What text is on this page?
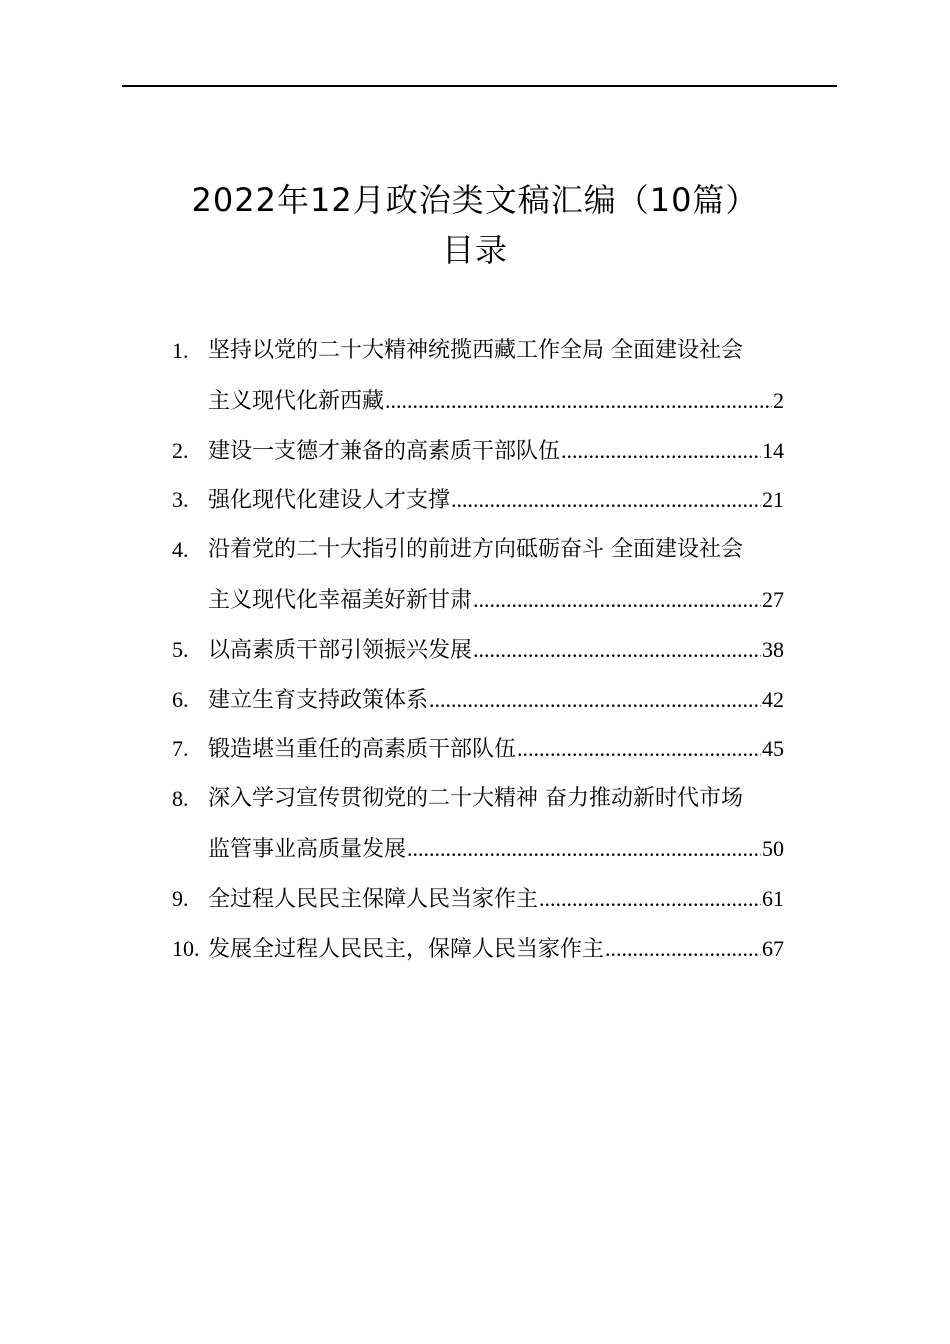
2022年12月政治类文稿汇编（10篇）
目录
1. 坚持以党的二十大精神统揽西藏工作全局 全面建设社会
主义现代化新西藏 .....	2
2. 建设一支德才兼备的高素质干部队伍 .....	14
3. 强化现代化建设人才支撑 .....	21
4. 沿着党的二十大指引的前进方向砥砺奋斗 全面建设社会
主义现代化幸福美好新甘肃 .....	27
5. 以高素质干部引领振兴发展 .....	38
6. 建立生育支持政策体系 .....	42
7. 锻造堪当重任的高素质干部队伍 .....	45
8. 深入学习宣传贯彻党的二十大精神 奋力推动新时代市场
监管事业高质量发展 .....	50
9. 全过程人民民主保障人民当家作主 .....	61
10. 发展全过程人民民主，保障人民当家作主 .....	67
